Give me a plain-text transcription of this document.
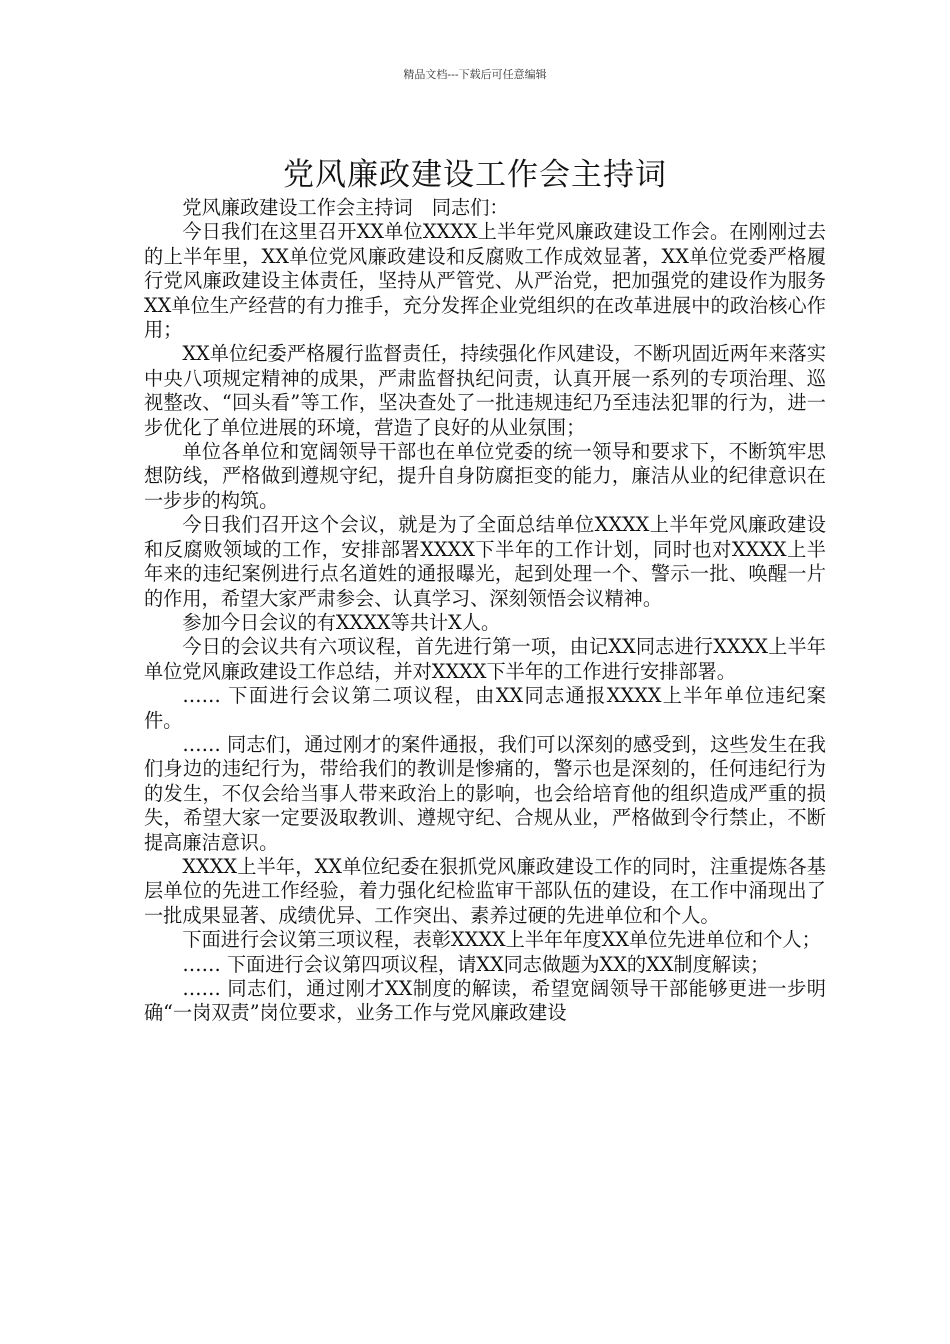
精品文档---下载后可任意编辑
党风廉政建设工作会主持词

党风廉政建设工作会主持词　同志们：

今日我们在这里召开XX单位XXXX上半年党风廉政建设工作会。在刚刚过去的上半年里，XX单位党风廉政建设和反腐败工作成效显著，XX单位党委严格履行党风廉政建设主体责任，坚持从严管党、从严治党，把加强党的建设作为服务XX单位生产经营的有力推手，充分发挥企业党组织的在改革进展中的政治核心作用；

XX单位纪委严格履行监督责任，持续强化作风建设，不断巩固近两年来落实中央八项规定精神的成果，严肃监督执纪问责，认真开展一系列的专项治理、巡视整改、“回头看”等工作，坚决查处了一批违规违纪乃至违法犯罪的行为，进一步优化了单位进展的环境，营造了良好的从业氛围；

单位各单位和宽阔领导干部也在单位党委的统一领导和要求下，不断筑牢思想防线，严格做到遵规守纪，提升自身防腐拒变的能力，廉洁从业的纪律意识在一步步的构筑。

今日我们召开这个会议，就是为了全面总结单位XXXX上半年党风廉政建设和反腐败领域的工作，安排部署XXXX下半年的工作计划，同时也对XXXX上半年来的违纪案例进行点名道姓的通报曝光，起到处理一个、警示一批、唤醒一片的作用，希望大家严肃参会、认真学习、深刻领悟会议精神。

参加今日会议的有XXXX等共计X人。

今日的会议共有六项议程，首先进行第一项，由记XX同志进行XXXX上半年单位党风廉政建设工作总结，并对XXXX下半年的工作进行安排部署。

…… 下面进行会议第二项议程，由XX同志通报XXXX上半年单位违纪案件。

…… 同志们，通过刚才的案件通报，我们可以深刻的感受到，这些发生在我们身边的违纪行为，带给我们的教训是惨痛的，警示也是深刻的，任何违纪行为的发生，不仅会给当事人带来政治上的影响，也会给培育他的组织造成严重的损失，希望大家一定要汲取教训、遵规守纪、合规从业，严格做到令行禁止，不断提高廉洁意识。

XXXX上半年，XX单位纪委在狠抓党风廉政建设工作的同时，注重提炼各基层单位的先进工作经验，着力强化纪检监审干部队伍的建设，在工作中涌现出了一批成果显著、成绩优异、工作突出、素养过硬的先进单位和个人。

下面进行会议第三项议程，表彰XXXX上半年年度XX单位先进单位和个人；

…… 下面进行会议第四项议程，请XX同志做题为XX的XX制度解读；

…… 同志们，通过刚才XX制度的解读，希望宽阔领导干部能够更进一步明确“一岗双责”岗位要求，业务工作与党风廉政建设
